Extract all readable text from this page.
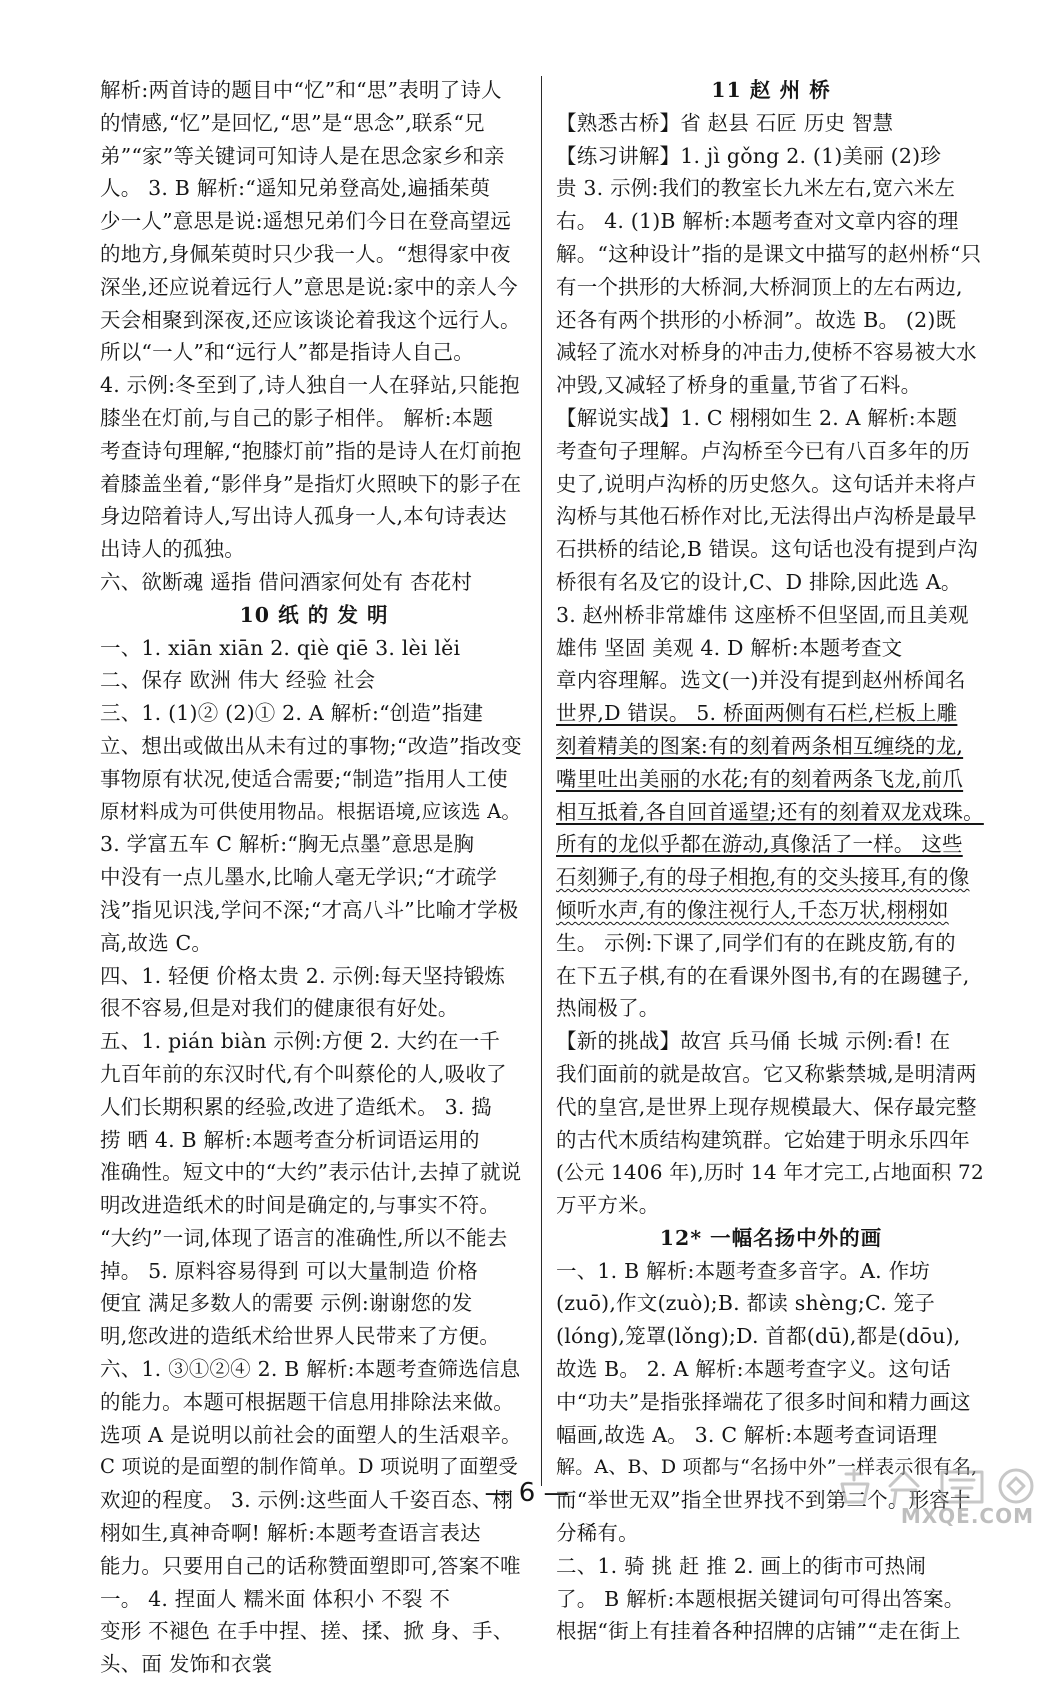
解析:两首诗的题目中“忆”和“思”表明了诗人
的情感,“忆”是回忆,“思”是“思念”,联系“兄
弟”“家”等关键词可知诗人是在思念家乡和亲
人。 3. B 解析:“遥知兄弟登高处,遍插茱萸
少一人”意思是说:遥想兄弟们今日在登高望远
的地方,身佩茱萸时只少我一人。“想得家中夜
深坐,还应说着远行人”意思是说:家中的亲人今
天会相聚到深夜,还应该谈论着我这个远行人。
所以“一人”和“远行人”都是指诗人自己。
4. 示例:冬至到了,诗人独自一人在驿站,只能抱
膝坐在灯前,与自己的影子相伴。 解析:本题
考查诗句理解,“抱膝灯前”指的是诗人在灯前抱
着膝盖坐着,“影伴身”是指灯火照映下的影子在
身边陪着诗人,写出诗人孤身一人,本句诗表达
出诗人的孤独。
六、欲断魂 遥指 借问酒家何处有 杏花村
10 纸 的 发 明
一、1. xiān xiān 2. qiè qiē 3. lèi lěi
二、保存 欧洲 伟大 经验 社会
三、1. (1)② (2)① 2. A 解析:“创造”指建
立、想出或做出从未有过的事物;“改造”指改变
事物原有状况,使适合需要;“制造”指用人工使
原材料成为可供使用物品。根据语境,应该选 A。
3. 学富五车 C 解析:“胸无点墨”意思是胸
中没有一点儿墨水,比喻人毫无学识;“才疏学
浅”指见识浅,学问不深;“才高八斗”比喻才学极
高,故选 C。
四、1. 轻便 价格太贵 2. 示例:每天坚持锻炼
很不容易,但是对我们的健康很有好处。
五、1. pián biàn 示例:方便 2. 大约在一千
九百年前的东汉时代,有个叫蔡伦的人,吸收了
人们长期积累的经验,改进了造纸术。 3. 捣
捞 晒 4. B 解析:本题考查分析词语运用的
准确性。短文中的“大约”表示估计,去掉了就说
明改进造纸术的时间是确定的,与事实不符。
“大约”一词,体现了语言的准确性,所以不能去
掉。 5. 原料容易得到 可以大量制造 价格
便宜 满足多数人的需要 示例:谢谢您的发
明,您改进的造纸术给世界人民带来了方便。
六、1. ③①②④ 2. B 解析:本题考查筛选信息
的能力。本题可根据题干信息用排除法来做。
选项 A 是说明以前社会的面塑人的生活艰辛。
C 项说的是面塑的制作简单。D 项说明了面塑受
欢迎的程度。 3. 示例:这些面人千姿百态、栩
栩如生,真神奇啊! 解析:本题考查语言表达
能力。只要用自己的话称赞面塑即可,答案不唯
一。 4. 捏面人 糯米面 体积小 不裂 不
变形 不褪色 在手中捏、搓、揉、掀 身、手、
头、面 发饰和衣裳
11 赵 州 桥
【熟悉古桥】省 赵县 石匠 历史 智慧
【练习讲解】1. jì gǒng 2. (1)美丽 (2)珍
贵 3. 示例:我们的教室长九米左右,宽六米左
右。 4. (1)B 解析:本题考查对文章内容的理
解。“这种设计”指的是课文中描写的赵州桥“只
有一个拱形的大桥洞,大桥洞顶上的左右两边,
还各有两个拱形的小桥洞”。故选 B。 (2)既
减轻了流水对桥身的冲击力,使桥不容易被大水
冲毁,又减轻了桥身的重量,节省了石料。
【解说实战】1. C 栩栩如生 2. A 解析:本题
考查句子理解。卢沟桥至今已有八百多年的历
史了,说明卢沟桥的历史悠久。这句话并未将卢
沟桥与其他石桥作对比,无法得出卢沟桥是最早
石拱桥的结论,B 错误。这句话也没有提到卢沟
桥很有名及它的设计,C、D 排除,因此选 A。
3. 赵州桥非常雄伟 这座桥不但坚固,而且美观
雄伟 坚固 美观 4. D 解析:本题考查文
章内容理解。选文(一)并没有提到赵州桥闻名
世界,D 错误。 5. 桥面两侧有石栏,栏板上雕
刻着精美的图案:有的刻着两条相互缠绕的龙,
嘴里吐出美丽的水花;有的刻着两条飞龙,前爪
相互抵着,各自回首遥望;还有的刻着双龙戏珠。
所有的龙似乎都在游动,真像活了一样。 这些
石刻狮子,有的母子相抱,有的交头接耳,有的像
倾听水声,有的像注视行人,千态万状,栩栩如
生。 示例:下课了,同学们有的在跳皮筋,有的
在下五子棋,有的在看课外图书,有的在踢毽子,
热闹极了。
【新的挑战】故宫 兵马俑 长城 示例:看! 在
我们面前的就是故宫。它又称紫禁城,是明清两
代的皇宫,是世界上现存规模最大、保存最完整
的古代木质结构建筑群。它始建于明永乐四年
(公元 1406 年),历时 14 年才完工,占地面积 72
万平方米。
12* 一幅名扬中外的画
一、1. B 解析:本题考查多音字。A. 作坊
(zuō),作文(zuò);B. 都读 shèng;C. 笼子
(lóng),笼罩(lǒng);D. 首都(dū),都是(dōu),
故选 B。 2. A 解析:本题考查字义。这句话
中“功夫”是指张择端花了很多时间和精力画这
幅画,故选 A。 3. C 解析:本题考查词语理
解。A、B、D 项都与“名扬中外”一样表示很有名,
而“举世无双”指全世界找不到第二个。形容十
分稀有。
二、1. 骑 挑 赶 推 2. 画上的街市可热闹
了。 B 解析:本题根据关键词句可得出答案。
根据“街上有挂着各种招牌的店铺”“走在街上
— 6 —
MXQE.COM
